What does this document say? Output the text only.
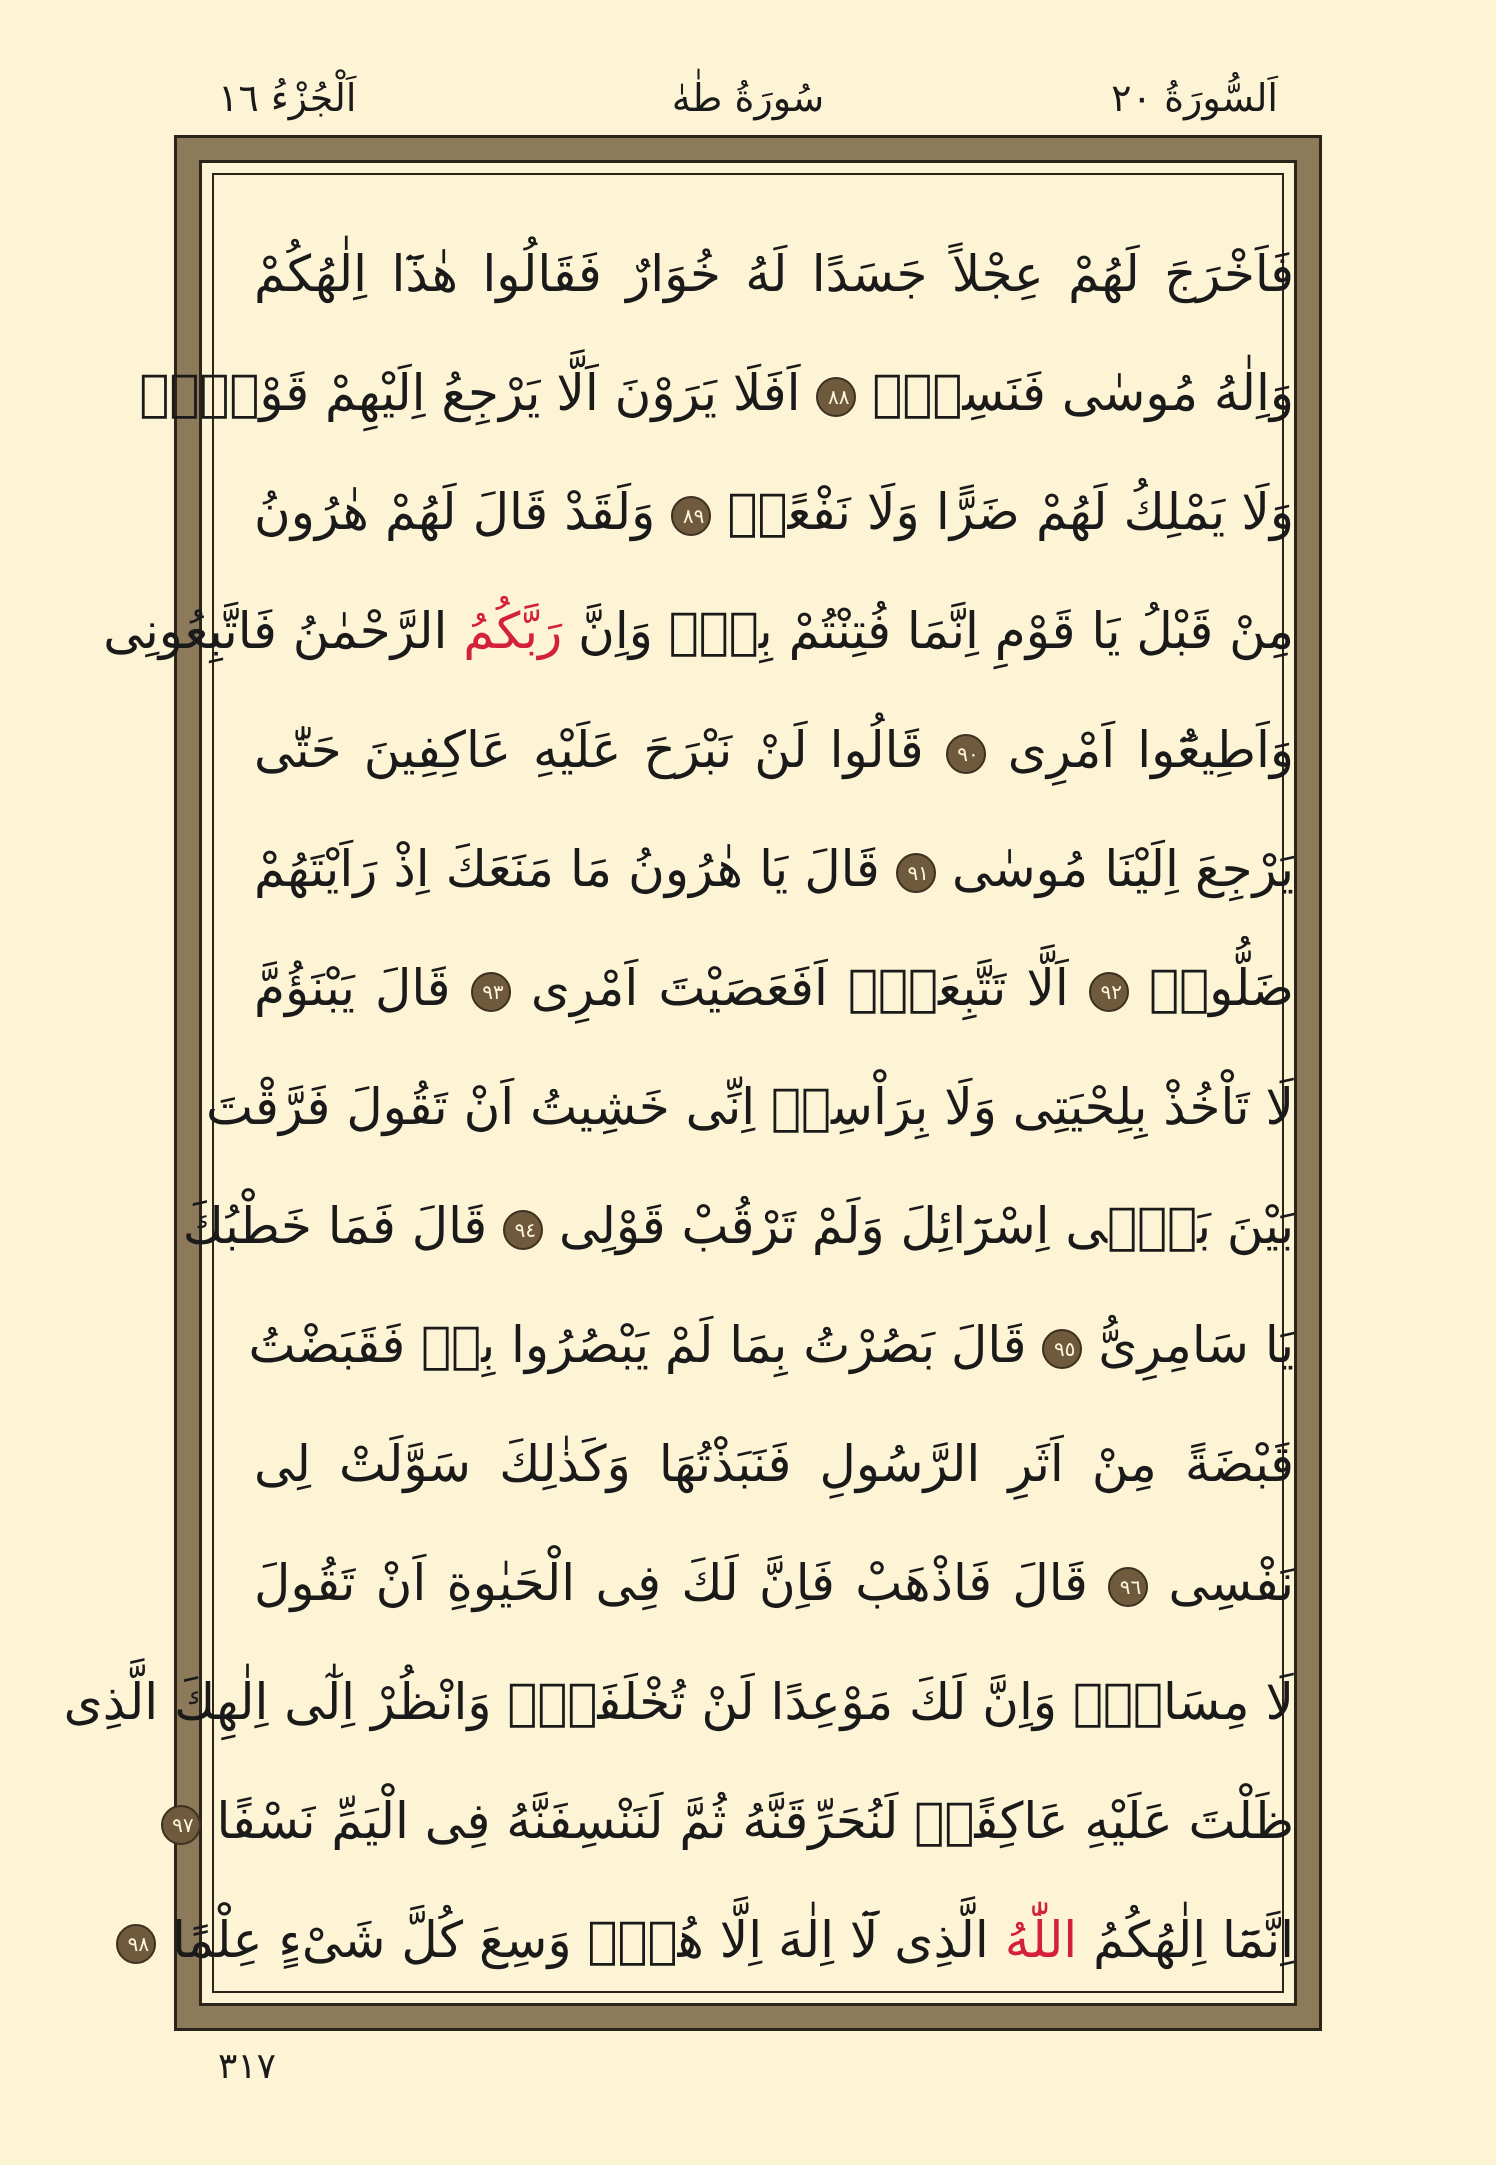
اَلْجُزْءُ ١٦	سُورَةُ طٰهٰ	اَلسُّورَةُ ٢٠
فَاَخْرَجَ لَهُمْ عِجْلاً جَسَدًا لَهُ خُوَارٌ فَقَالُوا هٰذَٓا اِلٰهُكُمْ
وَاِلٰهُ مُوسٰى فَنَسِيَۜ ٨٨ اَفَلَا يَرَوْنَ اَلَّا يَرْجِعُ اِلَيْهِمْ قَوْلاًۙ
وَلَا يَمْلِكُ لَهُمْ ضَرًّا وَلَا نَفْعًاࣖ ٨٩ وَلَقَدْ قَالَ لَهُمْ هٰرُونُ
مِنْ قَبْلُ يَا قَوْمِ اِنَّمَا فُتِنْتُمْ بِهٖۚ وَاِنَّ رَبَّكُمُ الرَّحْمٰنُ فَاتَّبِعُونِى
وَاَطِيعُٓوا اَمْرِى ٩٠ قَالُوا لَنْ نَبْرَحَ عَلَيْهِ عَاكِفِينَ حَتّٰى
يَرْجِعَ اِلَيْنَا مُوسٰى ٩١ قَالَ يَا هٰرُونُ مَا مَنَعَكَ اِذْ رَاَيْتَهُمْ
ضَلُّواۙ ٩٢ اَلَّا تَتَّبِعَنِۜ اَفَعَصَيْتَ اَمْرِى ٩٣ قَالَ يَبْنَؤُمَّ
لَا تَاْخُذْ بِلِحْيَتِى وَلَا بِرَاْسِىۚ اِنِّى خَشِيتُ اَنْ تَقُولَ فَرَّقْتَ
بَيْنَ بَنٖٓى اِسْرَٓائِلَ وَلَمْ تَرْقُبْ قَوْلِى ٩٤ قَالَ فَمَا خَطْبُكَ
يَا سَامِرِىُّ ٩٥ قَالَ بَصُرْتُ بِمَا لَمْ يَبْصُرُوا بِهٖ فَقَبَضْتُ
قَبْضَةً مِنْ اَثَرِ الرَّسُولِ فَنَبَذْتُهَا وَكَذٰلِكَ سَوَّلَتْ لِى
نَفْسِى ٩٦ قَالَ فَاذْهَبْ فَاِنَّ لَكَ فِى الْحَيٰوةِ اَنْ تَقُولَ
لَا مِسَاسَۖ وَاِنَّ لَكَ مَوْعِدًا لَنْ تُخْلَفَهُۚ وَانْظُرْ اِلٰٓى اِلٰهِكَ الَّذِى
ظَلْتَ عَلَيْهِ عَاكِفًاۜ لَنُحَرِّقَنَّهُ ثُمَّ لَنَنْسِفَنَّهُ فِى الْيَمِّ نَسْفًا ٩٧
اِنَّمَٓا اِلٰهُكُمُ اللّٰهُ الَّذِى لَٓا اِلٰهَ اِلَّا هُوَۜ وَسِعَ كُلَّ شَیْءٍ عِلْمًا ٩٨
٣١٧
